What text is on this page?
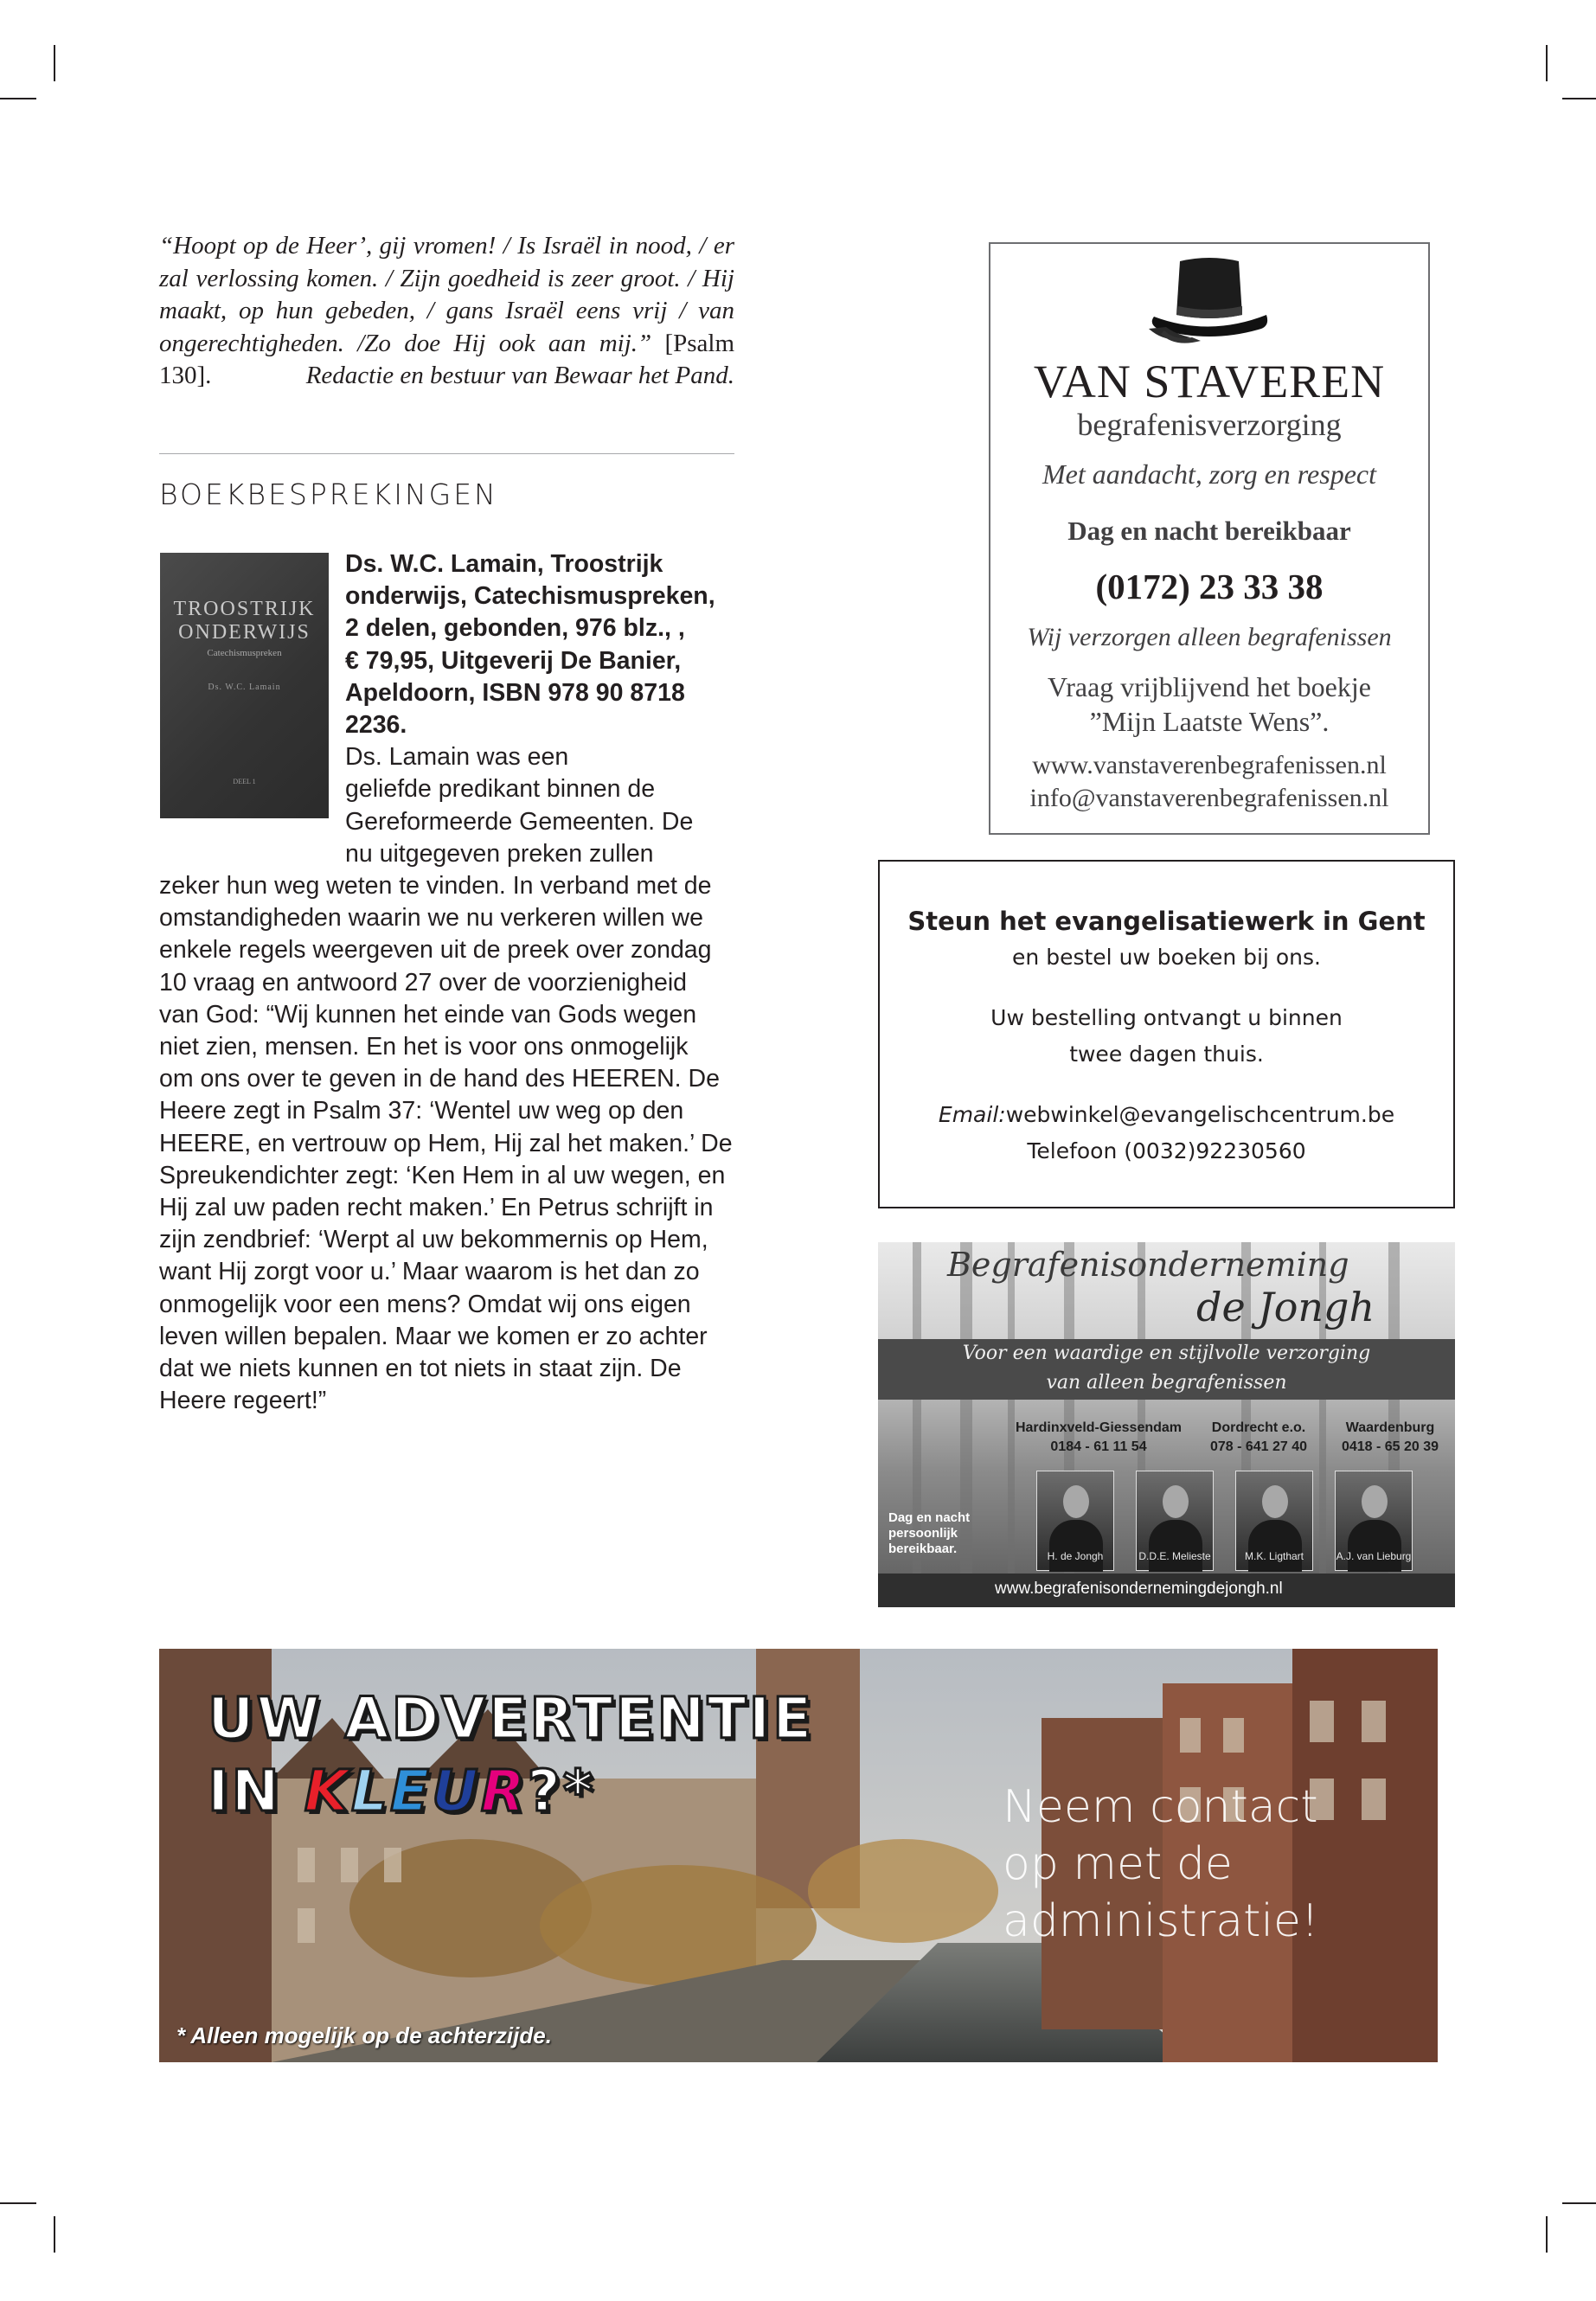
“Hoopt op de Heer’, gij vromen! / Is Israël in nood, / er zal verlossing komen. / Zijn goedheid is zeer groot. / Hij maakt, op hun gebeden, / gans Israël eens vrij / van ongerechtigheden. /Zo doe Hij ook aan mij.” [Psalm 130].	Redactie en bestuur van Bewaar het Pand.
BOEKBESPREKINGEN
TROOSTRIJK
ONDERWIJS
Catechismuspreken
Ds. W.C. Lamain
DEEL 1
Ds. W.C. Lamain, Troostrijk
onderwijs, Catechismuspreken,
2 delen, gebonden, 976 blz., ,
€ 79,95, Uitgeverij De Banier,
Apeldoorn, ISBN 978 90 8718
2236.
Ds. Lamain was een
geliefde predikant binnen de
Gereformeerde Gemeenten. De
nu uitgegeven preken zullen
zeker hun weg weten te vinden. In verband met de
omstandigheden waarin we nu verkeren willen we
enkele regels weergeven uit de preek over zondag
10 vraag en antwoord 27 over de voorzienigheid
van God: “Wij kunnen het einde van Gods wegen
niet zien, mensen. En het is voor ons onmogelijk
om ons over te geven in de hand des HEEREN. De
Heere zegt in Psalm 37: ‘Wentel uw weg op den
HEERE, en vertrouw op Hem, Hij zal het maken.’ De
Spreukendichter zegt: ‘Ken Hem in al uw wegen, en
Hij zal uw paden recht maken.’ En Petrus schrijft in
zijn zendbrief: ‘Werpt al uw bekommernis op Hem,
want Hij zorgt voor u.’ Maar waarom is het dan zo
onmogelijk voor een mens? Omdat wij ons eigen
leven willen bepalen. Maar we komen er zo achter
dat we niets kunnen en tot niets in staat zijn. De
Heere regeert!”
VAN STAVEREN
begrafenisverzorging
Met aandacht, zorg en respect
Dag en nacht bereikbaar
(0172) 23 33 38
Wij verzorgen alleen begrafenissen
Vraag vrijblijvend het boekje
”Mijn Laatste Wens”.
www.vanstaverenbegrafenissen.nl
info@vanstaverenbegrafenissen.nl
Steun het evangelisatiewerk in Gent
en bestel uw boeken bij ons.
Uw bestelling ontvangt u binnen
twee dagen thuis.
Email:webwinkel@evangelischcentrum.be
Telefoon (0032)92230560
Begrafenisonderneming
de Jongh
Voor een waardige en stijlvolle verzorging
van alleen begrafenissen
Hardinxveld-Giessendam
0184 - 61 11 54
Dordrecht e.o.
078 - 641 27 40
Waardenburg
0418 - 65 20 39
Dag en nacht
persoonlijk
bereikbaar.	H. de Jongh	D.D.E. Melieste	M.K. Ligthart	A.J. van Lieburg
www.begrafenisondernemingdejongh.nl
UW ADVERTENTIE
IN KLEUR?*	Neem contact
op met de
administratie!
* Alleen mogelijk op de achterzijde.
